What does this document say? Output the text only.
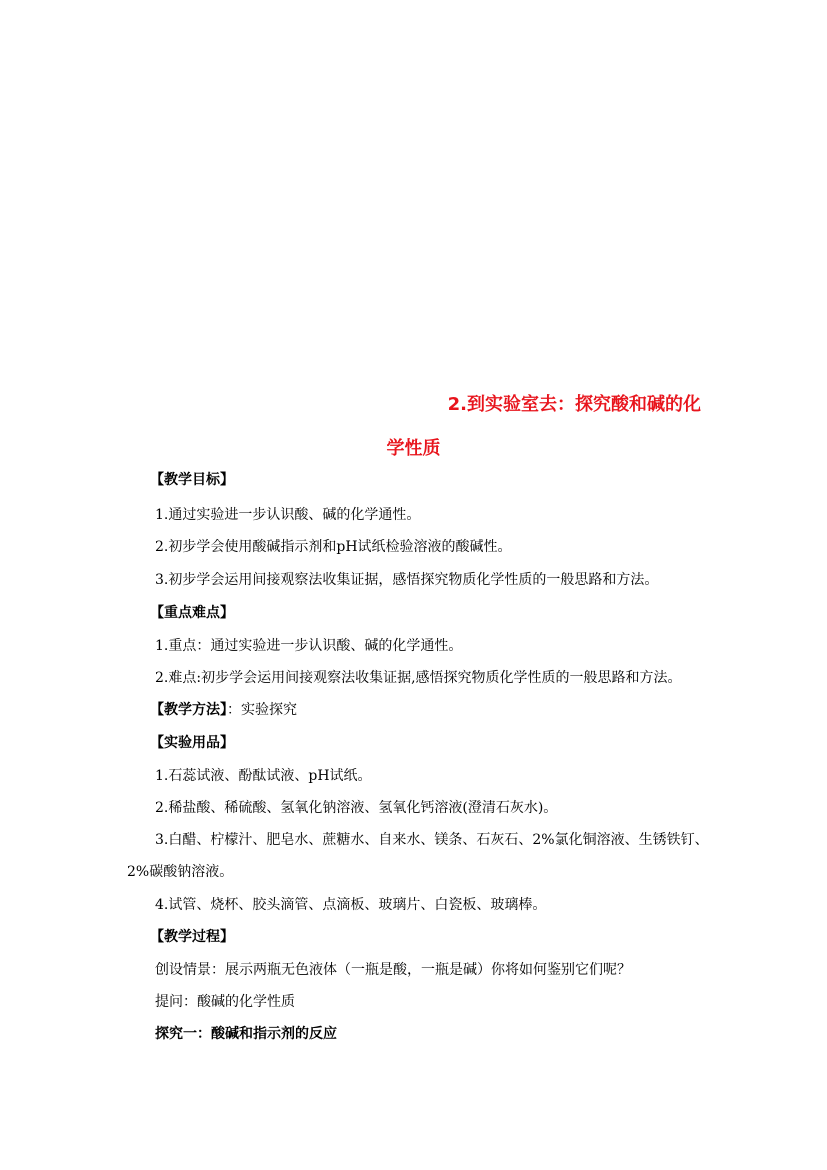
2.到实验室去：探究酸和碱的化
学性质
【教学目标】
1.通过实验进一步认识酸、碱的化学通性。
2.初步学会使用酸碱指示剂和pH试纸检验溶液的酸碱性。
3.初步学会运用间接观察法收集证据，感悟探究物质化学性质的一般思路和方法。
【重点难点】
1.重点：通过实验进一步认识酸、碱的化学通性。
2.难点:初步学会运用间接观察法收集证据,感悟探究物质化学性质的一般思路和方法。
【教学方法】：实验探究
【实验用品】
1.石蕊试液、酚酞试液、pH试纸。
2.稀盐酸、稀硫酸、氢氧化钠溶液、氢氧化钙溶液(澄清石灰水)。
3.白醋、柠檬汁、肥皂水、蔗糖水、自来水、镁条、石灰石、2%氯化铜溶液、生锈铁钉、
2%碳酸钠溶液。
4.试管、烧杯、胶头滴管、点滴板、玻璃片、白瓷板、玻璃棒。
【教学过程】
创设情景：展示两瓶无色液体（一瓶是酸，一瓶是碱）你将如何鉴别它们呢？
提问：酸碱的化学性质
探究一：酸碱和指示剂的反应
